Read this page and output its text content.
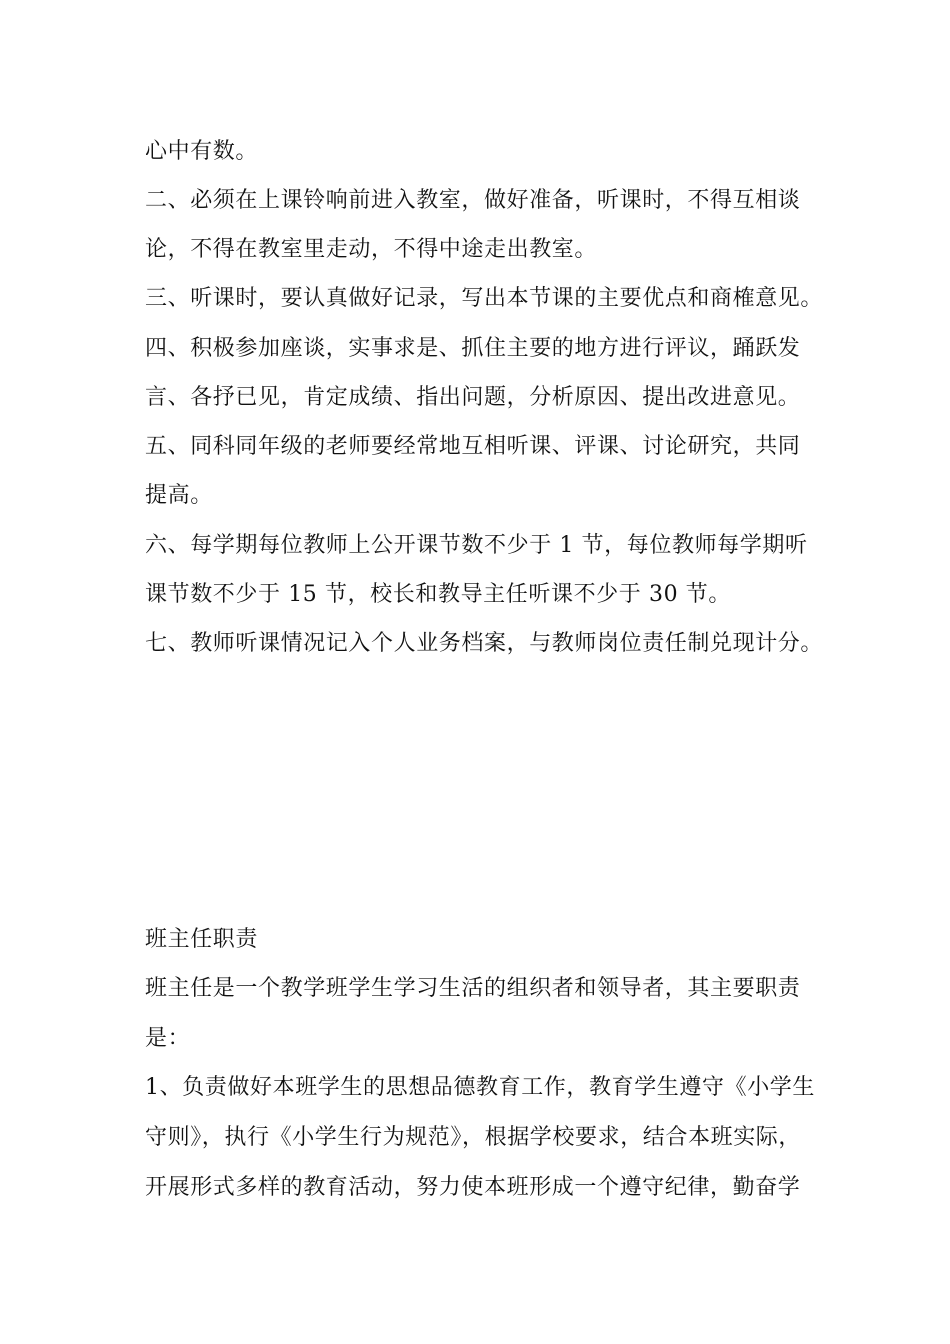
心中有数。
二、必须在上课铃响前进入教室，做好准备，听课时，不得互相谈
论，不得在教室里走动，不得中途走出教室。
三、听课时，要认真做好记录，写出本节课的主要优点和商榷意见。
四、积极参加座谈，实事求是、抓住主要的地方进行评议，踊跃发
言、各抒已见，肯定成绩、指出问题，分析原因、提出改进意见。
五、同科同年级的老师要经常地互相听课、评课、讨论研究，共同
提高。
六、每学期每位教师上公开课节数不少于 1 节，每位教师每学期听
课节数不少于 15 节，校长和教导主任听课不少于 30 节。
七、教师听课情况记入个人业务档案，与教师岗位责任制兑现计分。
班主任职责
班主任是一个教学班学生学习生活的组织者和领导者，其主要职责
是：
1、负责做好本班学生的思想品德教育工作，教育学生遵守《小学生
守则》，执行《小学生行为规范》，根据学校要求，结合本班实际，
开展形式多样的教育活动，努力使本班形成一个遵守纪律，勤奋学
